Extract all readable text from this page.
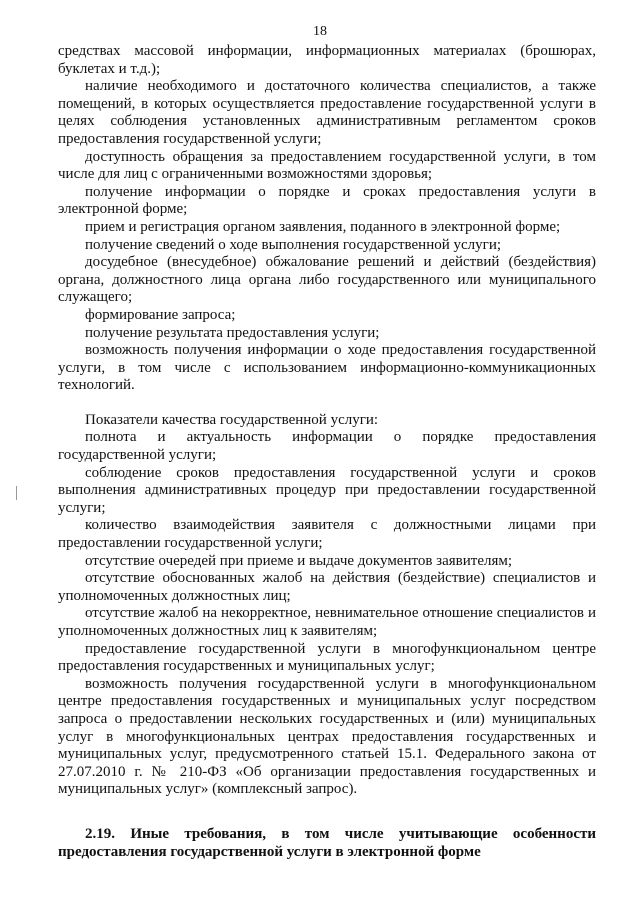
18

средствах массовой информации, информационных материалах (брошюрах, буклетах и т.д.);

наличие необходимого и достаточного количества специалистов, а также помещений, в которых осуществляется предоставление государственной услуги в целях соблюдения установленных административным регламентом сроков предоставления государственной услуги;

доступность обращения за предоставлением государственной услуги, в том числе для лиц с ограниченными возможностями здоровья;

получение информации о порядке и сроках предоставления услуги в электронной форме;

прием и регистрация органом заявления, поданного в электронной форме;

получение сведений о ходе выполнения государственной услуги;

досудебное (внесудебное) обжалование решений и действий (бездействия) органа, должностного лица органа либо государственного или муниципального служащего;

формирование запроса;

получение результата предоставления услуги;

возможность получения информации о ходе предоставления государственной услуги, в том числе с использованием информационно-коммуникационных технологий.

Показатели качества государственной услуги:

полнота и актуальность информации о порядке предоставления государственной услуги;

соблюдение сроков предоставления государственной услуги и сроков выполнения административных процедур при предоставлении государственной услуги;

количество взаимодействия заявителя с должностными лицами при предоставлении государственной услуги;

отсутствие очередей при приеме и выдаче документов заявителям;

отсутствие обоснованных жалоб на действия (бездействие) специалистов и уполномоченных должностных лиц;

отсутствие жалоб на некорректное, невнимательное отношение специалистов и уполномоченных должностных лиц к заявителям;

предоставление государственной услуги в многофункциональном центре предоставления государственных и муниципальных услуг;

возможность получения государственной услуги в многофункциональном центре предоставления государственных и муниципальных услуг посредством запроса о предоставлении нескольких государственных и (или) муниципальных услуг в многофункциональных центрах предоставления государственных и муниципальных услуг, предусмотренного статьей 15.1. Федерального закона от 27.07.2010 г. № 210-ФЗ «Об организации предоставления государственных и муниципальных услуг» (комплексный запрос).

2.19. Иные требования, в том числе учитывающие особенности предоставления государственной услуги в электронной форме
